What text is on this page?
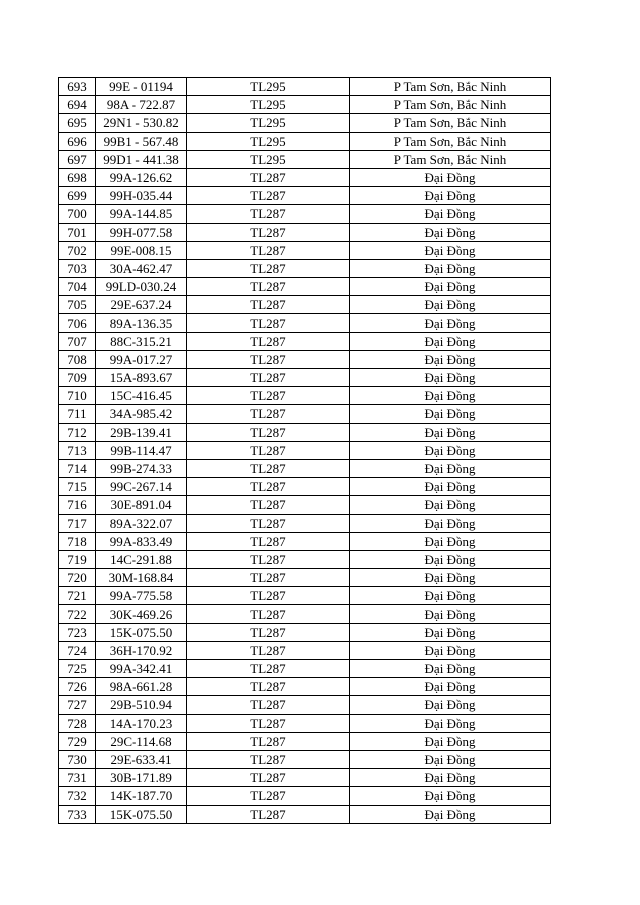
693	99E - 01194	TL295	P Tam Sơn, Bắc Ninh
694	98A - 722.87	TL295	P Tam Sơn, Bắc Ninh
695	29N1 - 530.82	TL295	P Tam Sơn, Bắc Ninh
696	99B1 - 567.48	TL295	P Tam Sơn, Bắc Ninh
697	99D1 - 441.38	TL295	P Tam Sơn, Bắc Ninh
698	99A-126.62	TL287	Đại Đồng
699	99H-035.44	TL287	Đại Đồng
700	99A-144.85	TL287	Đại Đồng
701	99H-077.58	TL287	Đại Đồng
702	99E-008.15	TL287	Đại Đồng
703	30A-462.47	TL287	Đại Đồng
704	99LD-030.24	TL287	Đại Đồng
705	29E-637.24	TL287	Đại Đồng
706	89A-136.35	TL287	Đại Đồng
707	88C-315.21	TL287	Đại Đồng
708	99A-017.27	TL287	Đại Đồng
709	15A-893.67	TL287	Đại Đồng
710	15C-416.45	TL287	Đại Đồng
711	34A-985.42	TL287	Đại Đồng
712	29B-139.41	TL287	Đại Đồng
713	99B-114.47	TL287	Đại Đồng
714	99B-274.33	TL287	Đại Đồng
715	99C-267.14	TL287	Đại Đồng
716	30E-891.04	TL287	Đại Đồng
717	89A-322.07	TL287	Đại Đồng
718	99A-833.49	TL287	Đại Đồng
719	14C-291.88	TL287	Đại Đồng
720	30M-168.84	TL287	Đại Đồng
721	99A-775.58	TL287	Đại Đồng
722	30K-469.26	TL287	Đại Đồng
723	15K-075.50	TL287	Đại Đồng
724	36H-170.92	TL287	Đại Đồng
725	99A-342.41	TL287	Đại Đồng
726	98A-661.28	TL287	Đại Đồng
727	29B-510.94	TL287	Đại Đồng
728	14A-170.23	TL287	Đại Đồng
729	29C-114.68	TL287	Đại Đồng
730	29E-633.41	TL287	Đại Đồng
731	30B-171.89	TL287	Đại Đồng
732	14K-187.70	TL287	Đại Đồng
733	15K-075.50	TL287	Đại Đồng
